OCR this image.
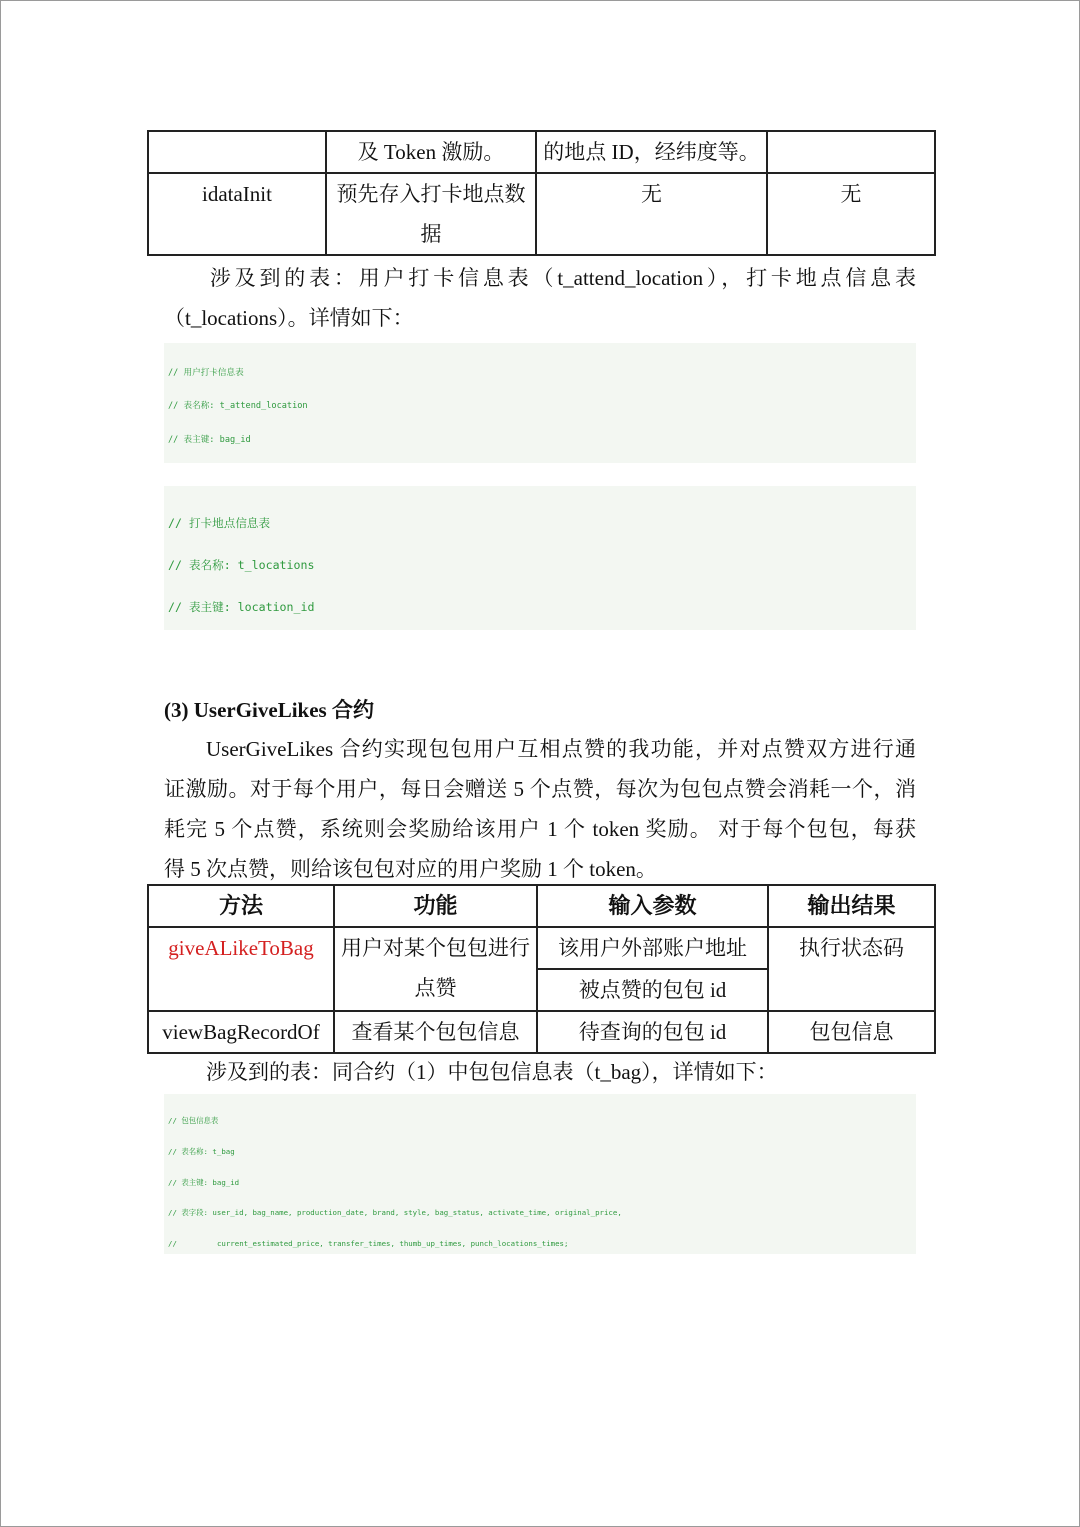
	及 Token 激励。	的地点 ID，经纬度等。	
idataInit	预先存入打卡地点数据	无	无
涉及到的表：用户打卡信息表（t_attend_location），打卡地点信息表
（t_locations）。详情如下：

// 用户打卡信息表

// 表名称: t_attend_location

// 表主键: bag_id

// 打卡地点信息表

// 表名称: t_locations

// 表主键: location_id

(3) UserGiveLikes 合约
UserGiveLikes 合约实现包包用户互相点赞的我功能，并对点赞双方进行通
证激励。对于每个用户，每日会赠送 5 个点赞，每次为包包点赞会消耗一个，消
耗完 5 个点赞，系统则会奖励给该用户 1 个 token 奖励。 对于每个包包，每获
得 5 次点赞，则给该包包对应的用户奖励 1 个 token。
方法	功能	输入参数	输出结果
giveALikeToBag	用户对某个包包进行点赞	该用户外部账户地址	执行状态码
		被点赞的包包 id	
viewBagRecordOf	查看某个包包信息	待查询的包包 id	包包信息
涉及到的表：同合约（1）中包包信息表（t_bag），详情如下：

// 包包信息表

// 表名称: t_bag

// 表主键: bag_id

// 表字段: user_id, bag_name, production_date, brand, style, bag_status, activate_time, original_price,

//         current_estimated_price, transfer_times, thumb_up_times, punch_locations_times;
